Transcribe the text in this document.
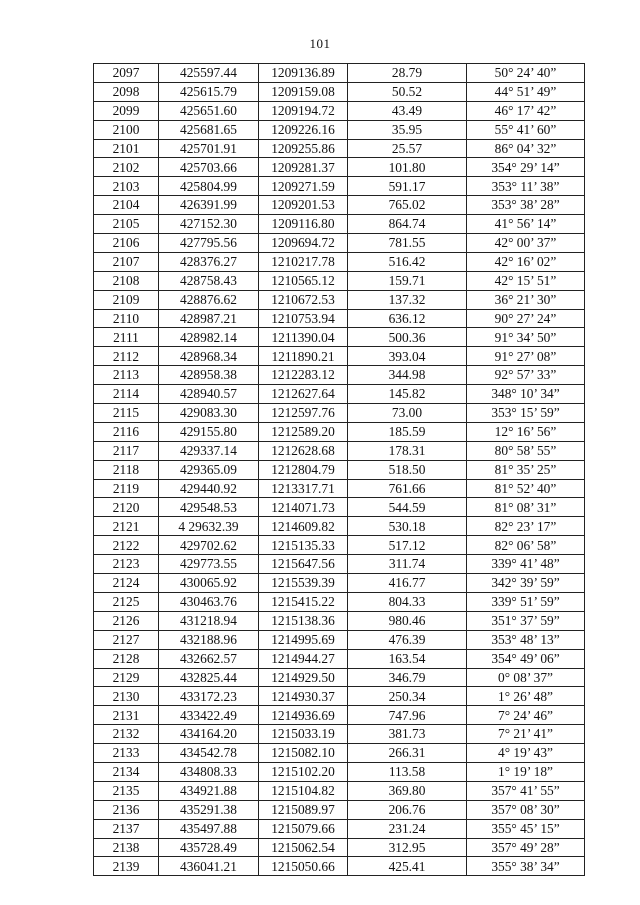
101
2097	425597.44	1209136.89	28.79	50° 24’ 40”
2098	425615.79	1209159.08	50.52	44° 51’ 49”
2099	425651.60	1209194.72	43.49	46° 17’ 42”
2100	425681.65	1209226.16	35.95	55° 41’ 60”
2101	425701.91	1209255.86	25.57	86° 04’ 32”
2102	425703.66	1209281.37	101.80	354° 29’ 14”
2103	425804.99	1209271.59	591.17	353° 11’ 38”
2104	426391.99	1209201.53	765.02	353° 38’ 28”
2105	427152.30	1209116.80	864.74	41° 56’ 14”
2106	427795.56	1209694.72	781.55	42° 00’ 37”
2107	428376.27	1210217.78	516.42	42° 16’ 02”
2108	428758.43	1210565.12	159.71	42° 15’ 51”
2109	428876.62	1210672.53	137.32	36° 21’ 30”
2110	428987.21	1210753.94	636.12	90° 27’ 24”
2111	428982.14	1211390.04	500.36	91° 34’ 50”
2112	428968.34	1211890.21	393.04	91° 27’ 08”
2113	428958.38	1212283.12	344.98	92° 57’ 33”
2114	428940.57	1212627.64	145.82	348° 10’ 34”
2115	429083.30	1212597.76	73.00	353° 15’ 59”
2116	429155.80	1212589.20	185.59	12° 16’ 56”
2117	429337.14	1212628.68	178.31	80° 58’ 55”
2118	429365.09	1212804.79	518.50	81° 35’ 25”
2119	429440.92	1213317.71	761.66	81° 52’ 40”
2120	429548.53	1214071.73	544.59	81° 08’ 31”
2121	4 29632.39	1214609.82	530.18	82° 23’ 17”
2122	429702.62	1215135.33	517.12	82° 06’ 58”
2123	429773.55	1215647.56	311.74	339° 41’ 48”
2124	430065.92	1215539.39	416.77	342° 39’ 59”
2125	430463.76	1215415.22	804.33	339° 51’ 59”
2126	431218.94	1215138.36	980.46	351° 37’ 59”
2127	432188.96	1214995.69	476.39	353° 48’ 13”
2128	432662.57	1214944.27	163.54	354° 49’ 06”
2129	432825.44	1214929.50	346.79	0° 08’ 37”
2130	433172.23	1214930.37	250.34	1° 26’ 48”
2131	433422.49	1214936.69	747.96	7° 24’ 46”
2132	434164.20	1215033.19	381.73	7° 21’ 41”
2133	434542.78	1215082.10	266.31	4° 19’ 43”
2134	434808.33	1215102.20	113.58	1° 19’ 18”
2135	434921.88	1215104.82	369.80	357° 41’ 55”
2136	435291.38	1215089.97	206.76	357° 08’ 30”
2137	435497.88	1215079.66	231.24	355° 45’ 15”
2138	435728.49	1215062.54	312.95	357° 49’ 28”
2139	436041.21	1215050.66	425.41	355° 38’ 34”
